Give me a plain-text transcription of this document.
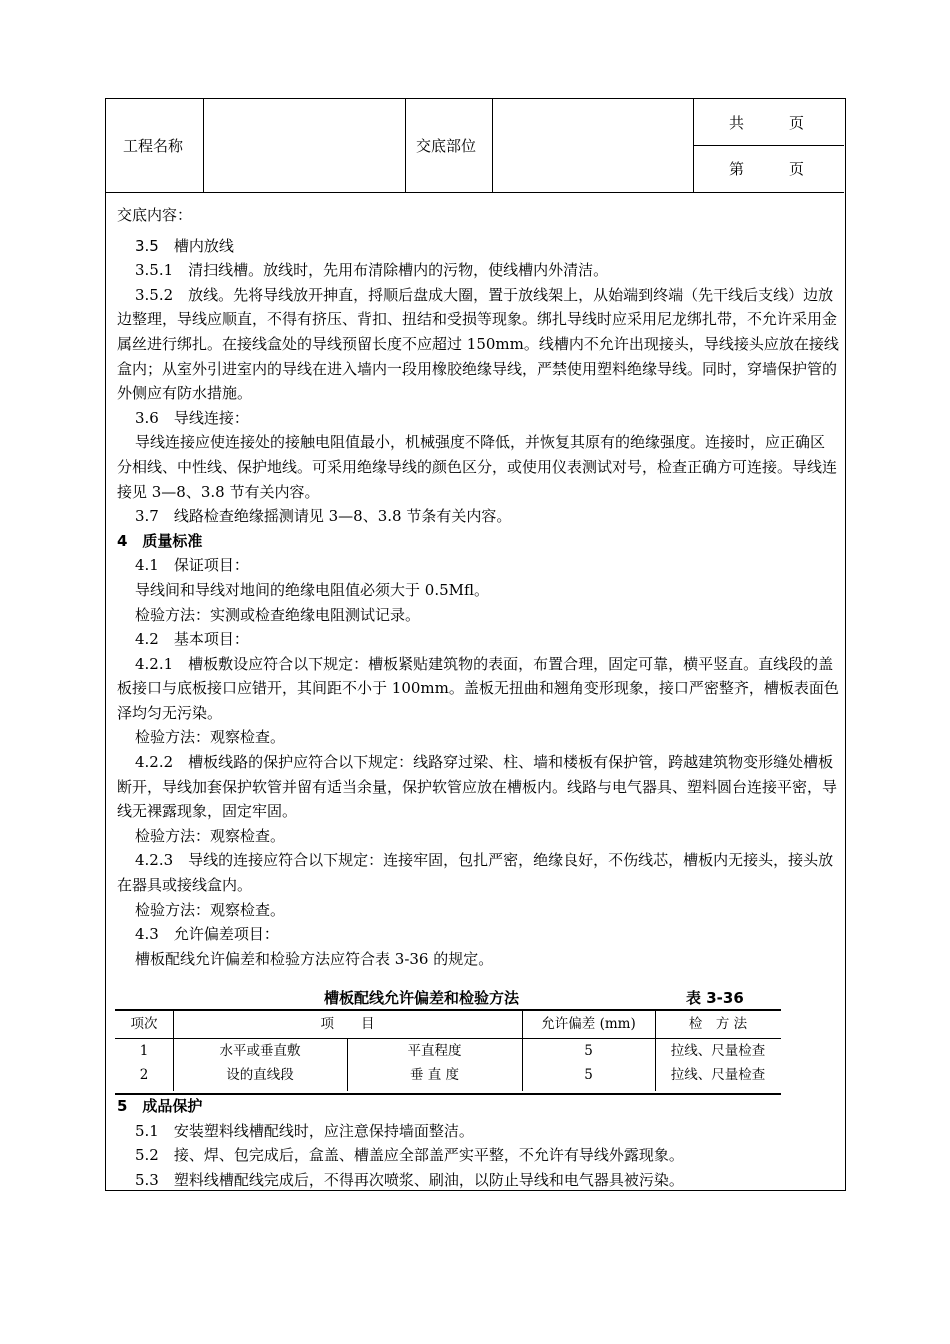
工程名称	交底部位
共　　　页
第　　　页

交底内容：

3.5　槽内放线

3.5.1　清扫线槽。放线时，先用布清除槽内的污物，使线槽内外清洁。

3.5.2　放线。先将导线放开抻直，捋顺后盘成大圈，置于放线架上，从始端到终端（先干线后支线）边放边整理，导线应顺直，不得有挤压、背扣、扭结和受损等现象。绑扎导线时应采用尼龙绑扎带，不允许采用金属丝进行绑扎。在接线盒处的导线预留长度不应超过 150mm。线槽内不允许出现接头，导线接头应放在接线盒内；从室外引进室内的导线在进入墙内一段用橡胶绝缘导线，严禁使用塑料绝缘导线。同时，穿墙保护管的外侧应有防水措施。

3.6　导线连接：

导线连接应使连接处的接触电阻值最小，机械强度不降低，并恢复其原有的绝缘强度。连接时，应正确区分相线、中性线、保护地线。可采用绝缘导线的颜色区分，或使用仪表测试对号，检查正确方可连接。导线连接见 3—8、3.8 节有关内容。

3.7　线路检查绝缘摇测请见 3—8、3.8 节条有关内容。

4　质量标准

4.1　保证项目：

导线间和导线对地间的绝缘电阻值必须大于 0.5Mfl。

检验方法：实测或检查绝缘电阻测试记录。

4.2　基本项目：

4.2.1　槽板敷设应符合以下规定：槽板紧贴建筑物的表面，布置合理，固定可靠，横平竖直。直线段的盖板接口与底板接口应错开，其间距不小于 100mm。盖板无扭曲和翘角变形现象，接口严密整齐，槽板表面色泽均匀无污染。

检验方法：观察检查。

4.2.2　槽板线路的保护应符合以下规定：线路穿过梁、柱、墙和楼板有保护管，跨越建筑物变形缝处槽板断开，导线加套保护软管并留有适当余量，保护软管应放在槽板内。线路与电气器具、塑料圆台连接平密，导线无裸露现象，固定牢固。

检验方法：观察检查。

4.2.3　导线的连接应符合以下规定：连接牢固，包扎严密，绝缘良好，不伤线芯，槽板内无接头，接头放在器具或接线盒内。

检验方法：观察检查。

4.3　允许偏差项目：

槽板配线允许偏差和检验方法应符合表 3-36 的规定。

槽板配线允许偏差和检验方法	表 3-36
项次	项　　目	允许偏差 (mm)	检　方 法
1	水平或垂直敷	平直程度	5	拉线、尺量检查
2	设的直线段	垂 直 度	5	拉线、尺量检查

5　成品保护

5.1　安装塑料线槽配线时，应注意保持墙面整洁。

5.2　接、焊、包完成后，盒盖、槽盖应全部盖严实平整，不允许有导线外露现象。

5.3　塑料线槽配线完成后，不得再次喷浆、刷油，以防止导线和电气器具被污染。
